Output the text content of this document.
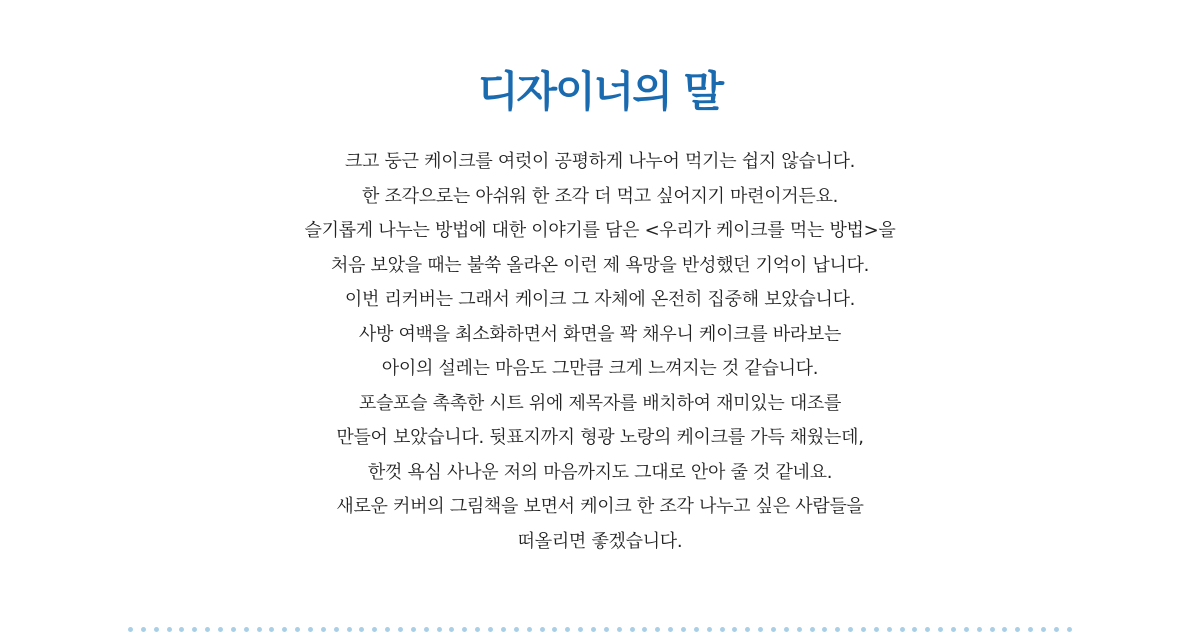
디자이너의 말
크고 둥근 케이크를 여럿이 공평하게 나누어 먹기는 쉽지 않습니다.
한 조각으로는 아쉬워 한 조각 더 먹고 싶어지기 마련이거든요.
슬기롭게 나누는 방법에 대한 이야기를 담은 <우리가 케이크를 먹는 방법>을
처음 보았을 때는 불쑥 올라온 이런 제 욕망을 반성했던 기억이 납니다.
이번 리커버는 그래서 케이크 그 자체에 온전히 집중해 보았습니다.
사방 여백을 최소화하면서 화면을 꽉 채우니 케이크를 바라보는
아이의 설레는 마음도 그만큼 크게 느껴지는 것 같습니다.
포슬포슬 촉촉한 시트 위에 제목자를 배치하여 재미있는 대조를
만들어 보았습니다. 뒷표지까지 형광 노랑의 케이크를 가득 채웠는데,
한껏 욕심 사나운 저의 마음까지도 그대로 안아 줄 것 같네요.
새로운 커버의 그림책을 보면서 케이크 한 조각 나누고 싶은 사람들을
떠올리면 좋겠습니다.
